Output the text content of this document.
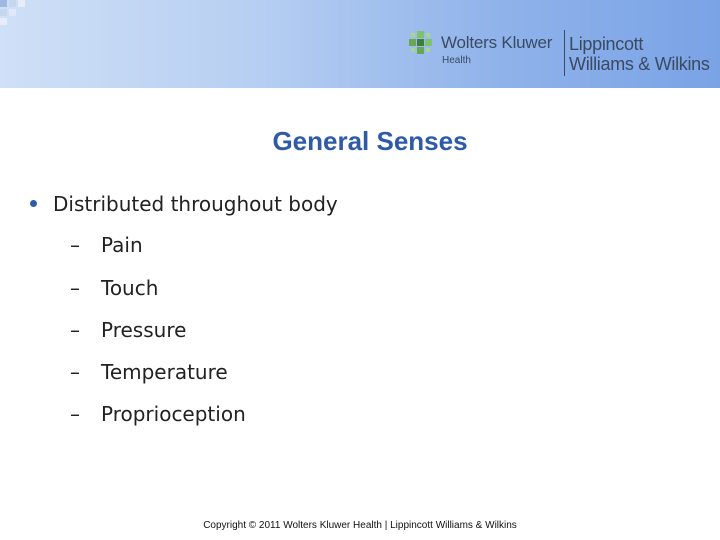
Wolters Kluwer
Health
Lippincott
Williams & Wilkins
General Senses
Distributed throughout body
– Pain
– Touch
– Pressure
– Temperature
– Proprioception
Copyright © 2011 Wolters Kluwer Health | Lippincott Williams & Wilkins
